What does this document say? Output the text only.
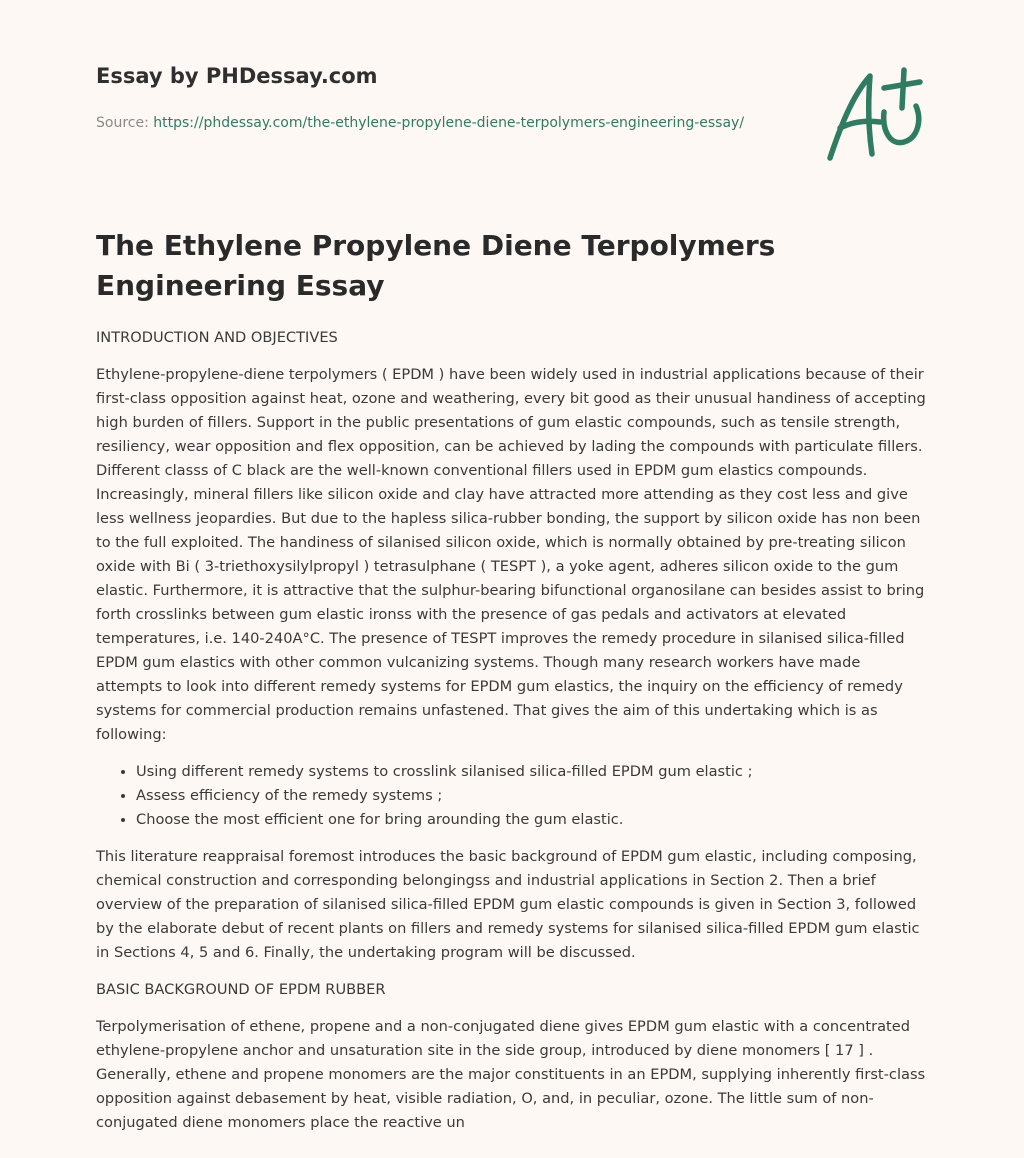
Essay by PHDessay.com
Source: https://phdessay.com/the-ethylene-propylene-diene-terpolymers-engineering-essay/
The Ethylene Propylene Diene Terpolymers Engineering Essay

INTRODUCTION AND OBJECTIVES

Ethylene-propylene-diene terpolymers ( EPDM ) have been widely used in industrial applications because of their first-class opposition against heat, ozone and weathering, every bit good as their unusual handiness of accepting high burden of fillers. Support in the public presentations of gum elastic compounds, such as tensile strength, resiliency, wear opposition and flex opposition, can be achieved by lading the compounds with particulate fillers. Different classs of C black are the well-known conventional fillers used in EPDM gum elastics compounds. Increasingly, mineral fillers like silicon oxide and clay have attracted more attending as they cost less and give less wellness jeopardies. But due to the hapless silica-rubber bonding, the support by silicon oxide has non been to the full exploited. The handiness of silanised silicon oxide, which is normally obtained by pre-treating silicon oxide with Bi ( 3-triethoxysilylpropyl ) tetrasulphane ( TESPT ), a yoke agent, adheres silicon oxide to the gum elastic. Furthermore, it is attractive that the sulphur-bearing bifunctional organosilane can besides assist to bring forth crosslinks between gum elastic ironss with the presence of gas pedals and activators at elevated temperatures, i.e. 140-240A°C. The presence of TESPT improves the remedy procedure in silanised silica-filled EPDM gum elastics with other common vulcanizing systems. Though many research workers have made attempts to look into different remedy systems for EPDM gum elastics, the inquiry on the efficiency of remedy systems for commercial production remains unfastened. That gives the aim of this undertaking which is as following:

• Using different remedy systems to crosslink silanised silica-filled EPDM gum elastic ;
• Assess efficiency of the remedy systems ;
• Choose the most efficient one for bring arounding the gum elastic.

This literature reappraisal foremost introduces the basic background of EPDM gum elastic, including composing, chemical construction and corresponding belongingss and industrial applications in Section 2. Then a brief overview of the preparation of silanised silica-filled EPDM gum elastic compounds is given in Section 3, followed by the elaborate debut of recent plants on fillers and remedy systems for silanised silica-filled EPDM gum elastic in Sections 4, 5 and 6. Finally, the undertaking program will be discussed.

BASIC BACKGROUND OF EPDM RUBBER

Terpolymerisation of ethene, propene and a non-conjugated diene gives EPDM gum elastic with a concentrated ethylene-propylene anchor and unsaturation site in the side group, introduced by diene monomers [ 17 ] . Generally, ethene and propene monomers are the major constituents in an EPDM, supplying inherently first-class opposition against debasement by heat, visible radiation, O, and, in peculiar, ozone. The little sum of non-conjugated diene monomers place the reactive un
